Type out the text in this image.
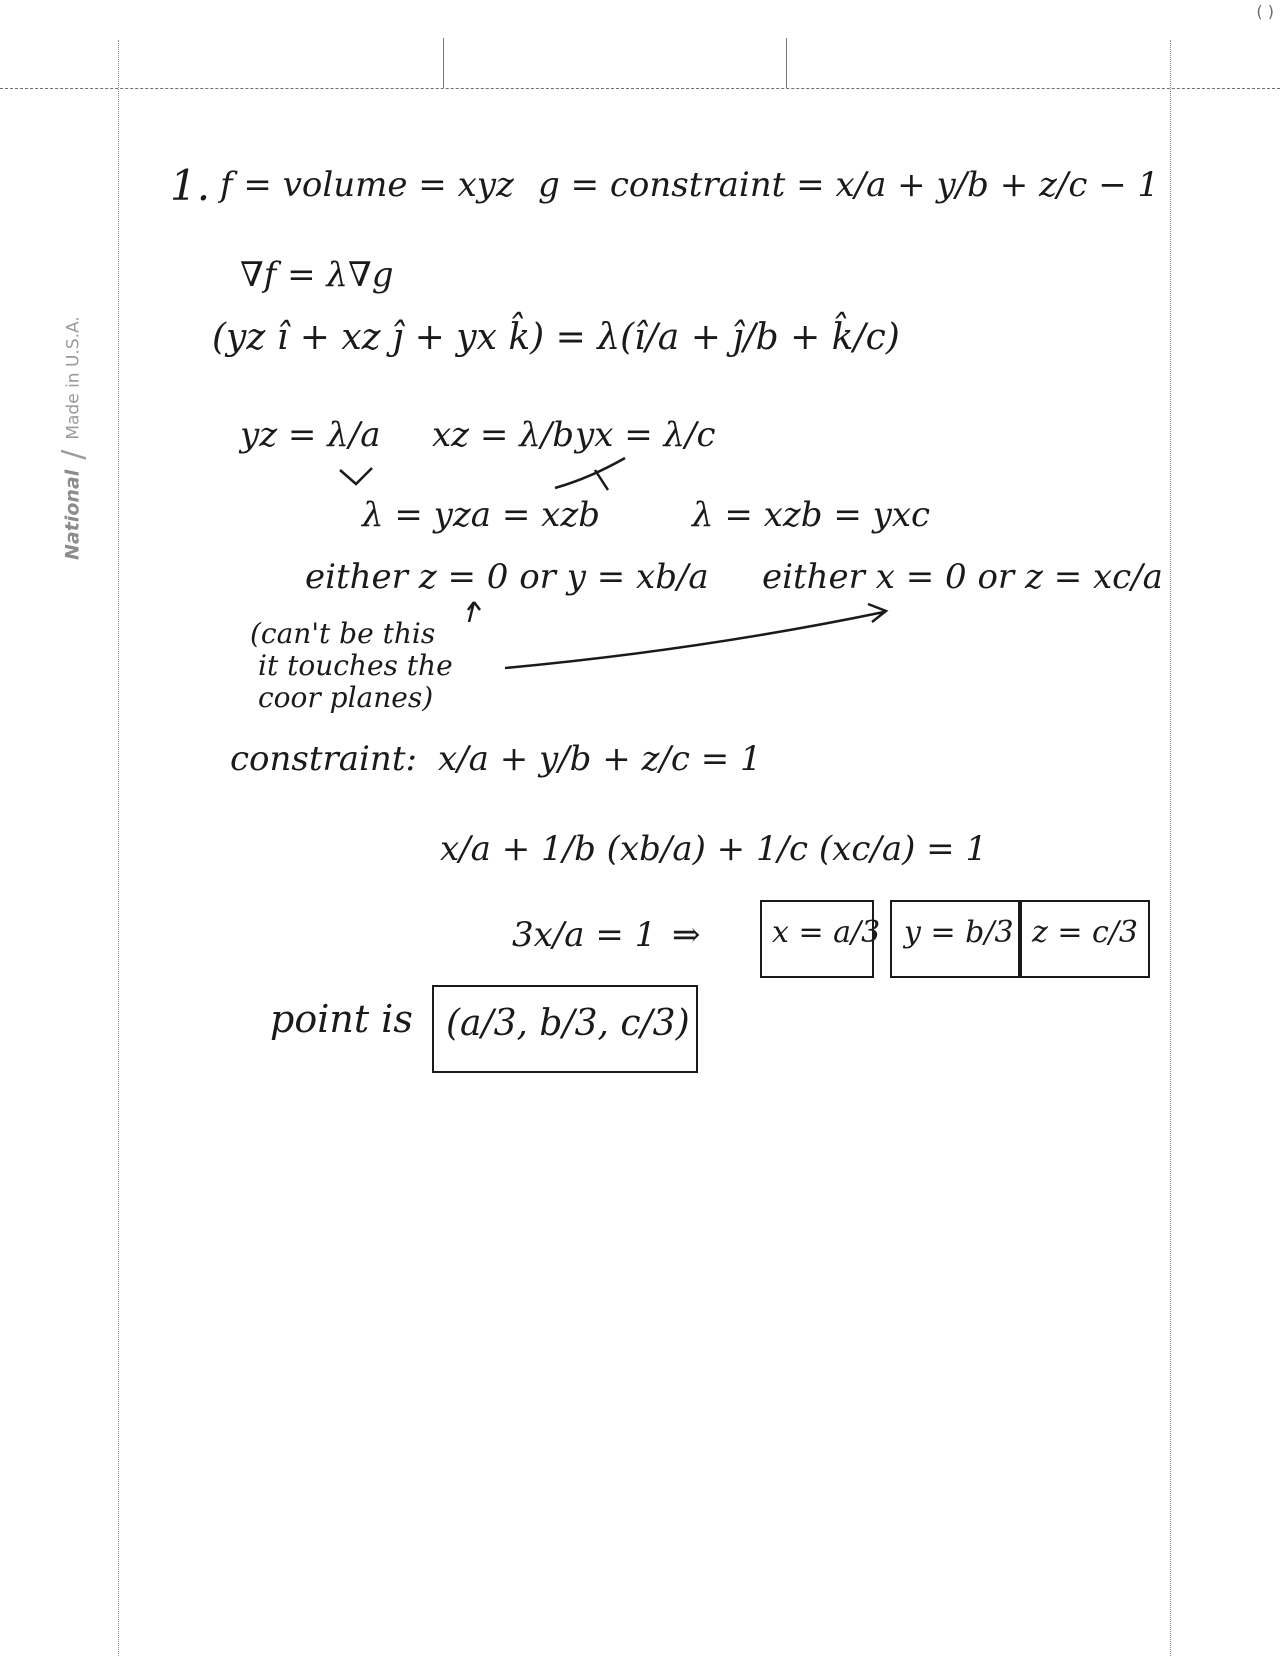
( )
National/Made in U.S.A.
1. f = volume = xyz g = constraint = x/a + y/b + z/c − 1
∇f = λ∇g
(yz î + xz ĵ + yx k̂) = λ(î/a + ĵ/b + k̂/c)
yz = λ/a xz = λ/b yx = λ/c
λ = yza = xzb	λ = xzb = yxc
either z = 0 or y = xb/a either x = 0 or z = xc/a
(can't be this
it touches the
coor planes)
constraint: x/a + y/b + z/c = 1
x/a + 1/b (xb/a) + 1/c (xc/a) = 1
3x/a = 1 ⇒ x = a/3 y = b/3 z = c/3
point is (a/3, b/3, c/3)
